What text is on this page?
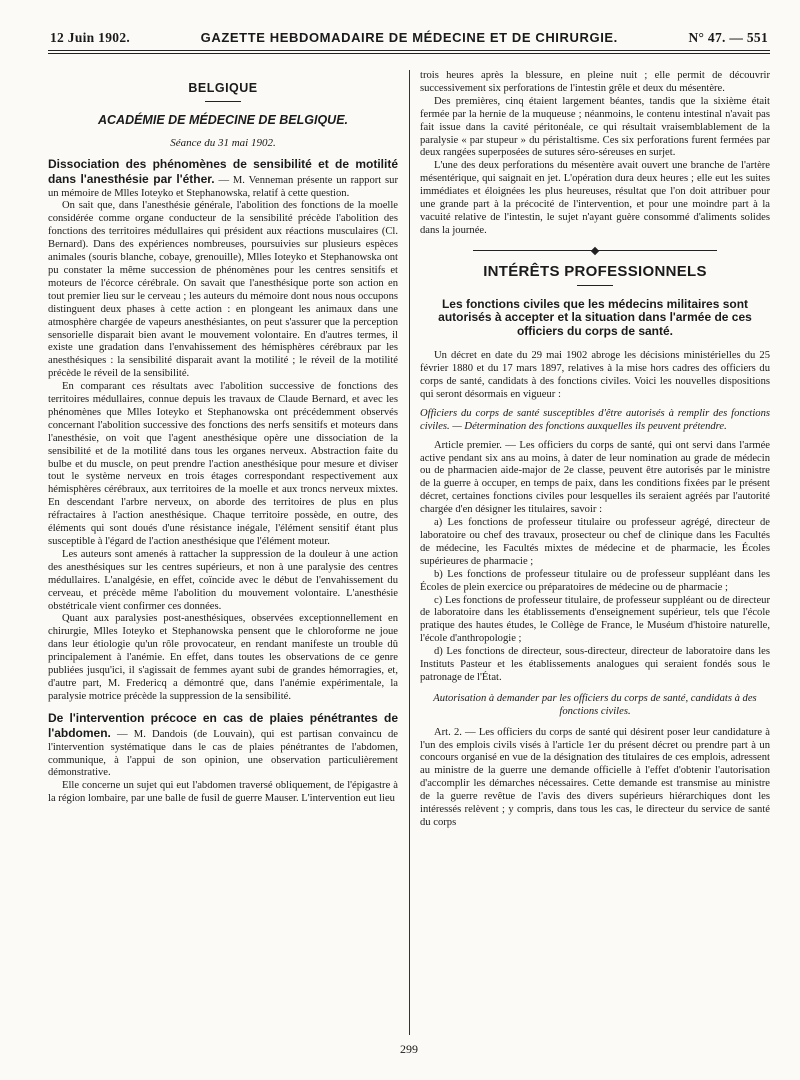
12 Juin 1902.	GAZETTE HEBDOMADAIRE DE MÉDECINE ET DE CHIRURGIE.	N° 47. — 551
BELGIQUE
ACADÉMIE DE MÉDECINE DE BELGIQUE.
Séance du 31 mai 1902.

Dissociation des phénomènes de sensibilité et de motilité dans l'anesthésie par l'éther. — M. Venneman présente un rapport sur un mémoire de Mlles Ioteyko et Stephanowska, relatif à cette question.

On sait que, dans l'anesthésie générale, l'abolition des fonctions de la moelle considérée comme organe conducteur de la sensibilité précède l'abolition des fonctions des territoires médullaires qui président aux réactions musculaires (Cl. Bernard). Dans des expériences nombreuses, poursuivies sur plusieurs espèces animales (souris blanche, cobaye, grenouille), Mlles Ioteyko et Stephanowska ont pu constater la même succession de phénomènes pour les centres sensitifs et moteurs de l'écorce cérébrale. On savait que l'anesthésique porte son action en tout premier lieu sur le cerveau ; les auteurs du mémoire dont nous nous occupons distinguent deux phases à cette action : en plongeant les animaux dans une atmosphère chargée de vapeurs anesthésiantes, on peut s'assurer que la perception sensorielle disparait bien avant le mouvement volontaire. En d'autres termes, il existe une gradation dans l'envahissement des hémisphères cérébraux par les anesthésiques : la sensibilité disparait avant la motilité ; le réveil de la motilité précède le réveil de la sensibilité.

En comparant ces résultats avec l'abolition successive de fonctions des territoires médullaires, connue depuis les travaux de Claude Bernard, et avec les phénomènes que Mlles Ioteyko et Stephanowska ont précédemment observés concernant l'abolition successive des fonctions des nerfs sensitifs et moteurs dans l'anesthésie, on voit que l'agent anesthésique opère une dissociation de la sensibilité et de la motilité dans tous les organes nerveux. Abstraction faite du bulbe et du muscle, on peut prendre l'action anesthésique pour mesure et diviser tout le système nerveux en trois étages correspondant respectivement aux hémisphères cérébraux, aux territoires de la moelle et aux troncs nerveux mixtes. En descendant l'arbre nerveux, on aborde des territoires de plus en plus réfractaires à l'action anesthésique. Chaque territoire possède, en outre, des éléments qui sont doués d'une résistance inégale, l'élément sensitif étant plus susceptible à l'égard de l'action anesthésique que l'élément moteur.

Les auteurs sont amenés à rattacher la suppression de la douleur à une action des anesthésiques sur les centres supérieurs, et non à une paralysie des centres médullaires. L'analgésie, en effet, coïncide avec le début de l'envahissement du cerveau, et précède même l'abolition du mouvement volontaire. L'anesthésie obstétricale vient confirmer ces données.

Quant aux paralysies post-anesthésiques, observées exceptionnellement en chirurgie, Mlles Ioteyko et Stephanowska pensent que le chloroforme ne joue dans leur étiologie qu'un rôle provocateur, en rendant manifeste un trouble dû principalement à l'anémie. En effet, dans toutes les observations de ce genre publiées jusqu'ici, il s'agissait de femmes ayant subi de grandes hémorragies, et, d'autre part, M. Fredericq a démontré que, dans l'anémie expérimentale, la paralysie motrice précède la suppression de la sensibilité.

De l'intervention précoce en cas de plaies pénétrantes de l'abdomen. — M. Dandois (de Louvain), qui est partisan convaincu de l'intervention systématique dans le cas de plaies pénétrantes de l'abdomen, communique, à l'appui de son opinion, une observation particulièrement démonstrative.

Elle concerne un sujet qui eut l'abdomen traversé obliquement, de l'épigastre à la région lombaire, par une balle de fusil de guerre Mauser. L'intervention eut lieu

trois heures après la blessure, en pleine nuit ; elle permit de découvrir successivement six perforations de l'intestin grêle et deux du mésentère.

Des premières, cinq étaient largement béantes, tandis que la sixième était fermée par la hernie de la muqueuse ; néanmoins, le contenu intestinal n'avait pas fait issue dans la cavité péritonéale, ce qui résultait vraisemblablement de la paralysie « par stupeur » du péristaltisme. Ces six perforations furent fermées par deux rangées superposées de sutures séro-séreuses en surjet.

L'une des deux perforations du mésentère avait ouvert une branche de l'artère mésentérique, qui saignait en jet. L'opération dura deux heures ; elle eut les suites immédiates et éloignées les plus heureuses, résultat que l'on doit attribuer pour une grande part à la précocité de l'intervention, et pour une moindre part à la vacuité relative de l'intestin, le sujet n'ayant guère consommé d'aliments solides dans la journée.

INTÉRÊTS PROFESSIONNELS
Les fonctions civiles que les médecins militaires sont autorisés à accepter et la situation dans l'armée de ces officiers du corps de santé.

Un décret en date du 29 mai 1902 abroge les décisions ministérielles du 25 février 1880 et du 17 mars 1897, relatives à la mise hors cadres des officiers du corps de santé, candidats à des fonctions civiles. Voici les nouvelles dispositions qui seront désormais en vigueur :

Officiers du corps de santé susceptibles d'être autorisés à remplir des fonctions civiles. — Détermination des fonctions auxquelles ils peuvent prétendre.

Article premier. — Les officiers du corps de santé, qui ont servi dans l'armée active pendant six ans au moins, à dater de leur nomination au grade de médecin ou de pharmacien aide-major de 2e classe, peuvent être autorisés par le ministre de la guerre à occuper, en temps de paix, dans les conditions fixées par le présent décret, certaines fonctions civiles pour lesquelles ils seraient agréés par l'autorité chargée d'en désigner les titulaires, savoir :

a) Les fonctions de professeur titulaire ou professeur agrégé, directeur de laboratoire ou chef des travaux, prosecteur ou chef de clinique dans les Facultés de médecine, les Facultés mixtes de médecine et de pharmacie, les Écoles supérieures de pharmacie ;

b) Les fonctions de professeur titulaire ou de professeur suppléant dans les Écoles de plein exercice ou préparatoires de médecine ou de pharmacie ;

c) Les fonctions de professeur titulaire, de professeur suppléant ou de directeur de laboratoire dans les établissements d'enseignement supérieur, tels que l'école pratique des hautes études, le Collège de France, le Muséum d'histoire naturelle, l'école d'anthropologie ;

d) Les fonctions de directeur, sous-directeur, directeur de laboratoire dans les Instituts Pasteur et les établissements analogues qui seraient fondés sous le patronage de l'État.

Autorisation à demander par les officiers du corps de santé, candidats à des fonctions civiles.

Art. 2. — Les officiers du corps de santé qui désirent poser leur candidature à l'un des emplois civils visés à l'article 1er du présent décret ou prendre part à un concours organisé en vue de la désignation des titulaires de ces emplois, adressent au ministre de la guerre une demande officielle à l'effet d'obtenir l'autorisation d'accomplir les démarches nécessaires. Cette demande est transmise au ministre de la guerre revêtue de l'avis des divers supérieurs hiérarchiques dont les intéressés relèvent ; y compris, dans tous les cas, le directeur du service de santé du corps

299
